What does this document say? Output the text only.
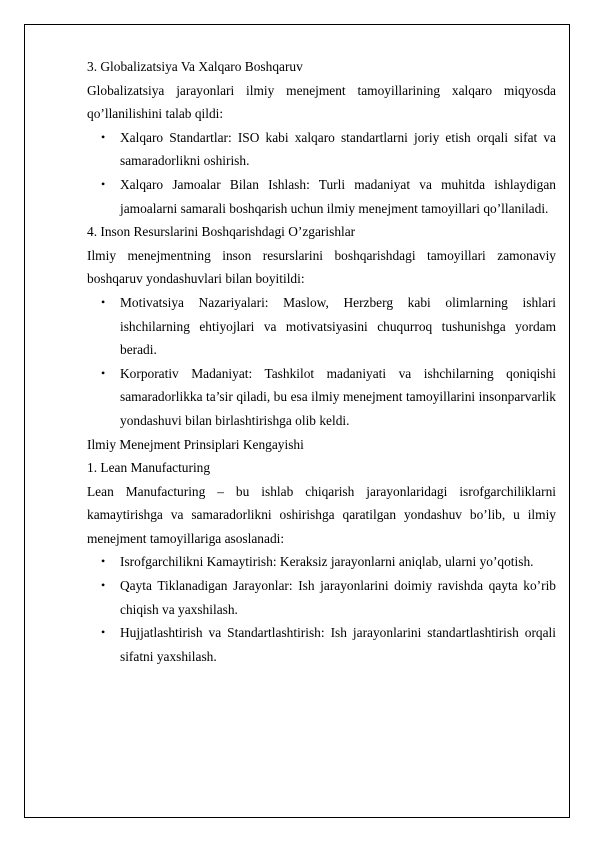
3. Globalizatsiya Va Xalqaro Boshqaruv

Globalizatsiya jarayonlari ilmiy menejment tamoyillarining xalqaro miqyosda qo’llanilishini talab qildi:

• Xalqaro Standartlar: ISO kabi xalqaro standartlarni joriy etish orqali sifat va samaradorlikni oshirish.
• Xalqaro Jamoalar Bilan Ishlash: Turli madaniyat va muhitda ishlaydigan jamoalarni samarali boshqarish uchun ilmiy menejment tamoyillari qo’llaniladi.

4. Inson Resurslarini Boshqarishdagi O’zgarishlar

Ilmiy menejmentning inson resurslarini boshqarishdagi tamoyillari zamonaviy boshqaruv yondashuvlari bilan boyitildi:

• Motivatsiya Nazariyalari: Maslow, Herzberg kabi olimlarning ishlari ishchilarning ehtiyojlari va motivatsiyasini chuqurroq tushunishga yordam beradi.
• Korporativ Madaniyat: Tashkilot madaniyati va ishchilarning qoniqishi samaradorlikka ta’sir qiladi, bu esa ilmiy menejment tamoyillarini insonparvarlik yondashuvi bilan birlashtirishga olib keldi.

Ilmiy Menejment Prinsiplari Kengayishi

1. Lean Manufacturing

Lean Manufacturing – bu ishlab chiqarish jarayonlaridagi isrofgarchiliklarni kamaytirishga va samaradorlikni oshirishga qaratilgan yondashuv bo’lib, u ilmiy menejment tamoyillariga asoslanadi:

• Isrofgarchilikni Kamaytirish: Keraksiz jarayonlarni aniqlab, ularni yo’qotish.
• Qayta Tiklanadigan Jarayonlar: Ish jarayonlarini doimiy ravishda qayta ko’rib chiqish va yaxshilash.
• Hujjatlashtirish va Standartlashtirish: Ish jarayonlarini standartlashtirish orqali sifatni yaxshilash.
